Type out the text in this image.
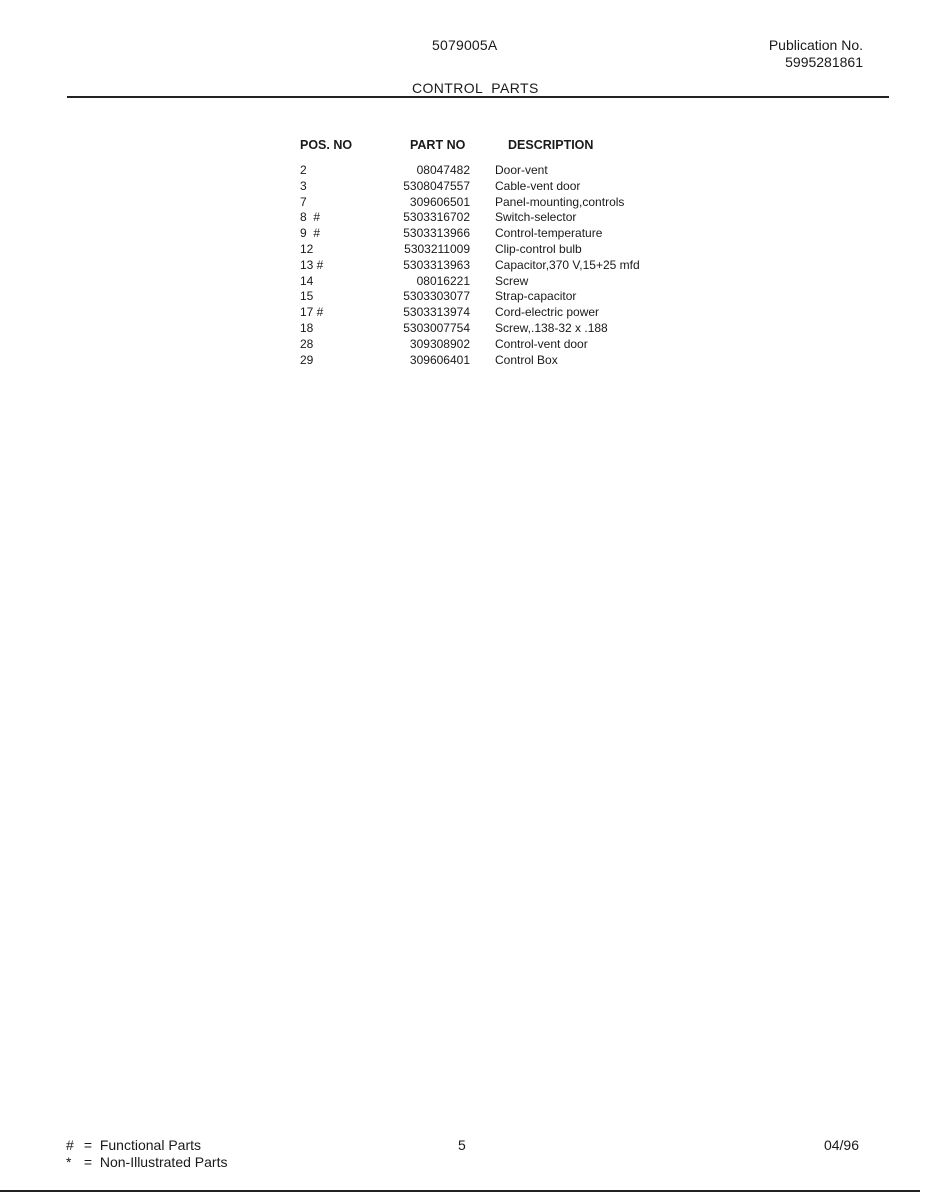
5079005A	Publication No.
5995281861
CONTROL  PARTS
POS. NO	PART NO	DESCRIPTION
2	08047482 Door-vent
3	5308047557 Cable-vent door
7	309606501 Panel-mounting,controls
8  #	5303316702 Switch-selector
9  #	5303313966 Control-temperature
12	5303211009 Clip-control bulb
13 #	5303313963 Capacitor,370 V,15+25 mfd
14	08016221 Screw
15	5303303077 Strap-capacitor
17 #	5303313974 Cord-electric power
18	5303007754 Screw,.138-32 x .188
28	309308902 Control-vent door
29	309606401 Control Box
# =  Functional Parts
* =  Non-Illustrated Parts
5	04/96
